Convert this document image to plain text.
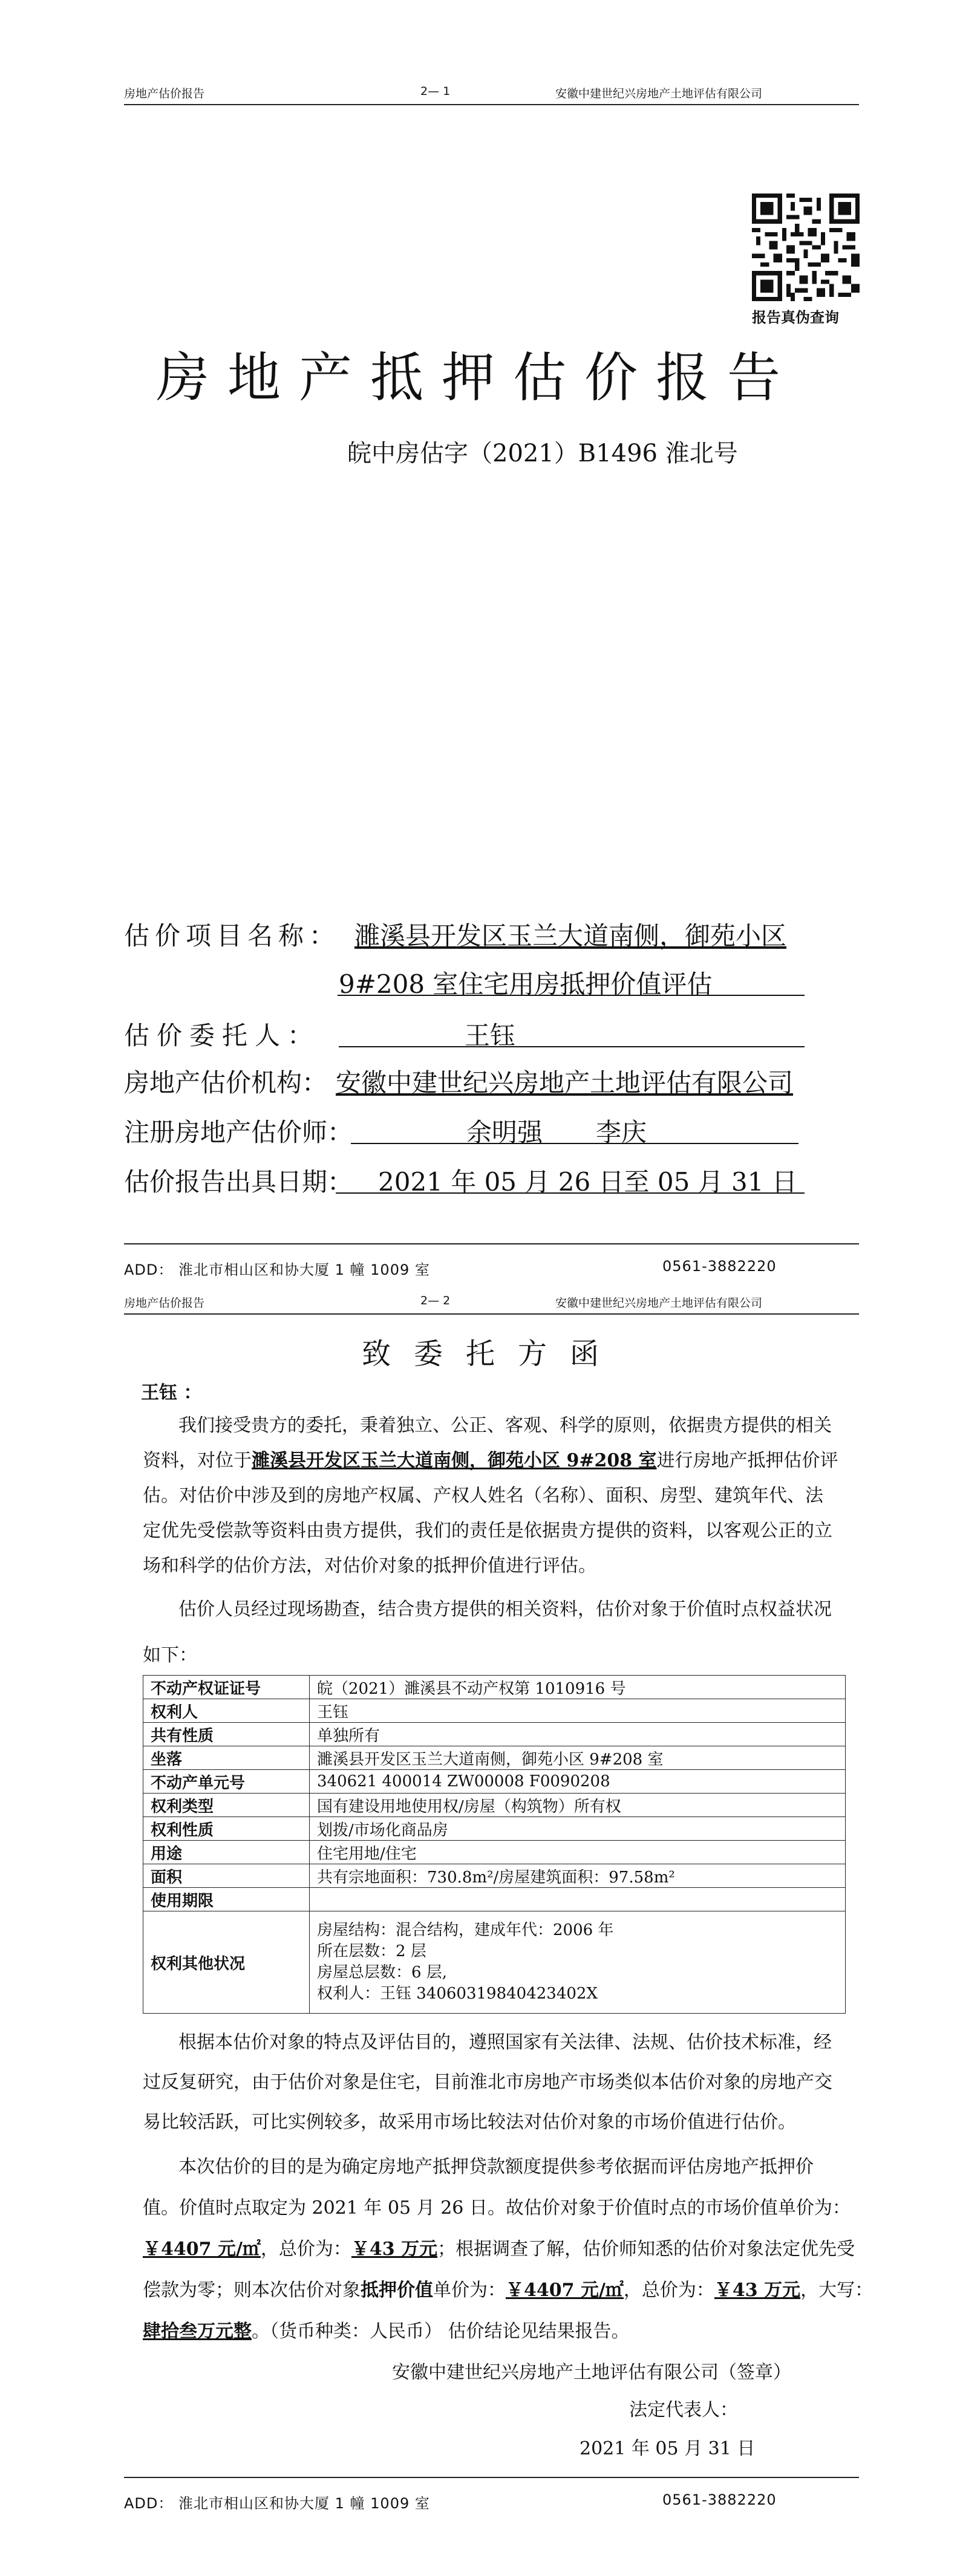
房地产估价报告	2— 1	安徽中建世纪兴房地产土地评估有限公司
报告真伪查询
房地产抵押估价报告
皖中房估字（2021）B1496 淮北号
估价项目名称： 濉溪县开发区玉兰大道南侧，御苑小区
9#208 室住宅用房抵押价值评估
估价委托人：	王钰
房地产估价机构： 安徽中建世纪兴房地产土地评估有限公司
注册房地产估价师：	余明强 李庆
估价报告出具日期： 2021 年 05 月 26 日至 05 月 31 日
ADD： 淮北市相山区和协大厦 1 幢 1009 室	0561-3882220
房地产估价报告	2— 2	安徽中建世纪兴房地产土地评估有限公司
致委托方函
王钰 ：
我们接受贵方的委托，秉着独立、公正、客观、科学的原则，依据贵方提供的相关
资料，对位于濉溪县开发区玉兰大道南侧，御苑小区 9#208 室进行房地产抵押估价评
估。对估价中涉及到的房地产权属、产权人姓名（名称）、面积、房型、建筑年代、法
定优先受偿款等资料由贵方提供，我们的责任是依据贵方提供的资料，以客观公正的立
场和科学的估价方法，对估价对象的抵押价值进行评估。
估价人员经过现场勘查，结合贵方提供的相关资料，估价对象于价值时点权益状况
如下：
不动产权证证号	皖（2021）濉溪县不动产权第 1010916 号
权利人	王钰
共有性质	单独所有
坐落	濉溪县开发区玉兰大道南侧，御苑小区 9#208 室
不动产单元号	340621 400014 ZW00008 F0090208
权利类型	国有建设用地使用权/房屋（构筑物）所有权
权利性质	划拨/市场化商品房
用途	住宅用地/住宅
面积	共有宗地面积：730.8m²/房屋建筑面积：97.58m²
使用期限	
权利其他状况	房屋结构：混合结构，建成年代：2006 年
所在层数：2 层
房屋总层数：6 层,
权利人：王钰 34060319840423402X
根据本估价对象的特点及评估目的，遵照国家有关法律、法规、估价技术标准，经
过反复研究，由于估价对象是住宅，目前淮北市房地产市场类似本估价对象的房地产交
易比较活跃，可比实例较多，故采用市场比较法对估价对象的市场价值进行估价。
本次估价的目的是为确定房地产抵押贷款额度提供参考依据而评估房地产抵押价
值。价值时点取定为 2021 年 05 月 26 日。故估价对象于价值时点的市场价值单价为：
￥4407 元/㎡，总价为：￥43 万元；根据调查了解，估价师知悉的估价对象法定优先受
偿款为零；则本次估价对象抵押价值单价为：￥4407 元/㎡，总价为：￥43 万元，大写：
肆拾叁万元整。（货币种类：人民币） 估价结论见结果报告。
安徽中建世纪兴房地产土地评估有限公司（签章）
法定代表人：
2021 年 05 月 31 日
ADD： 淮北市相山区和协大厦 1 幢 1009 室	0561-3882220
